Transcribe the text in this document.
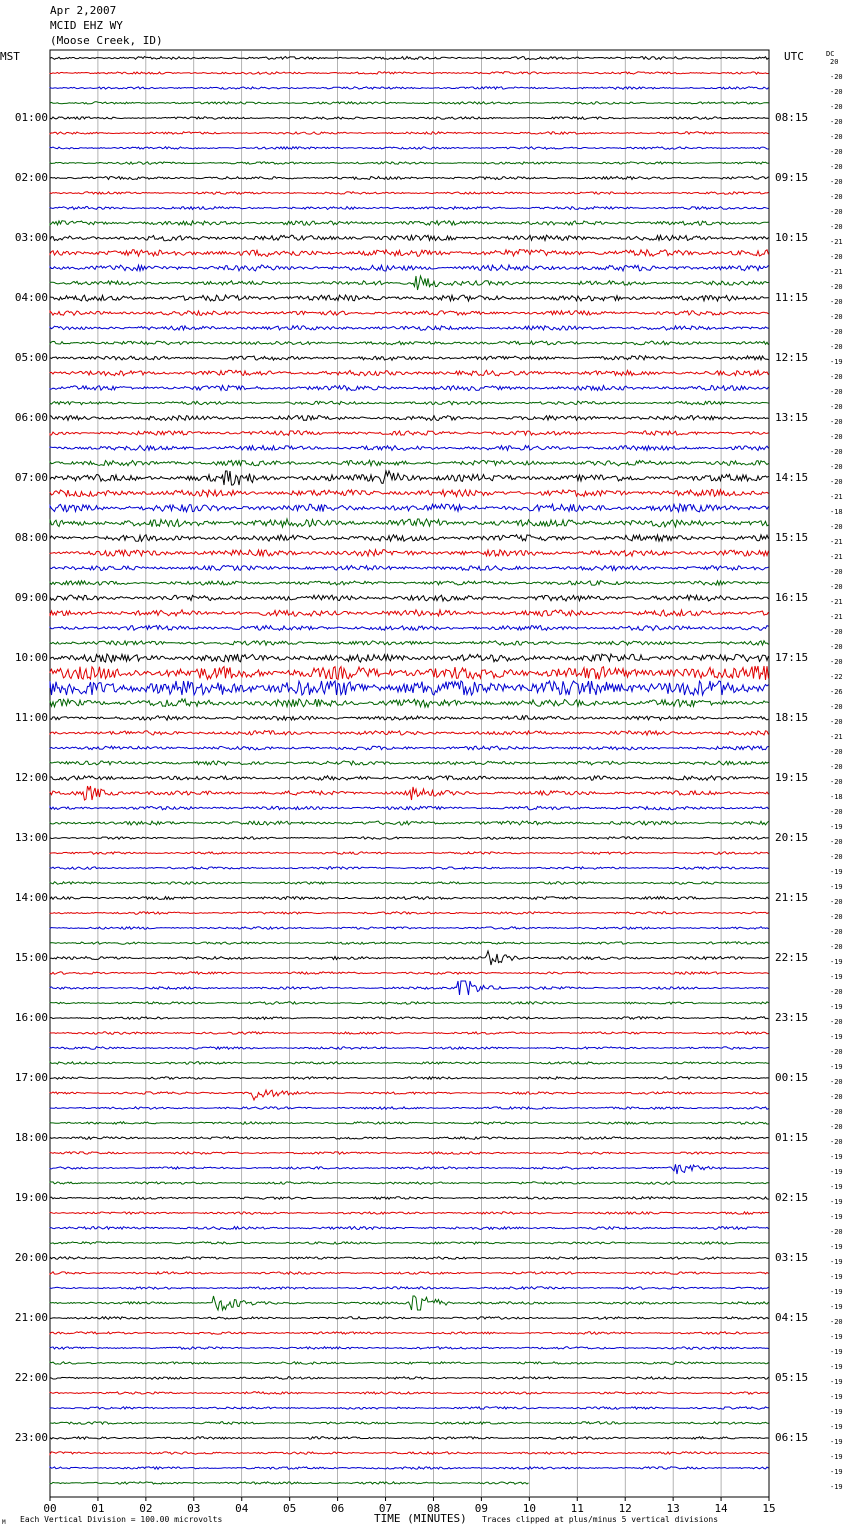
Apr 2,2007
MCID EHZ WY
(Moose Creek, ID)
MST	UTC	DC
20
-20
-20
-20
-20
-20
-20
-20
-20
-20
-20
-20
-21
-20
-21
-20
-20
-20
-20
-20
-19
-20
-20
-20
-20
-20
-20
-20
-20
-21
-18
-20
-21
-21
-20
-20
-21
-21
-20
-20
-20
-22
-26
-20
-20
-21
-20
-20
-20
-18
-20
-19
-20
-20
-19
-19
-20
-20
-20
-20
-19
-19
-20
-19
-20
-19
-20
-19
-20
-20
-20
-20
-20
-19
-19
-19
-19
-19
-20
-19
-19
-19
-19
-19
-20
-19
-19
-19
-19
-19
-19
-19
-19
-19
-19
-19
01:00	08:15
02:00	09:15
03:00	10:15
04:00	11:15
05:00	12:15
06:00	13:15
07:00	14:15
08:00	15:15
09:00	16:15
10:00	17:15
11:00	18:15
12:00	19:15
13:00	20:15
14:00	21:15
15:00	22:15
16:00	23:15
17:00	00:15
18:00	01:15
19:00	02:15
20:00	03:15
21:00	04:15
22:00	05:15
23:00	06:15
00	01	02	03	04	05	06	07	08	09	10	11	12	13	14	15
TIME (MINUTES)
M Each Vertical Division = 100.00 microvolts	Traces clipped at plus/minus 5 vertical divisions
